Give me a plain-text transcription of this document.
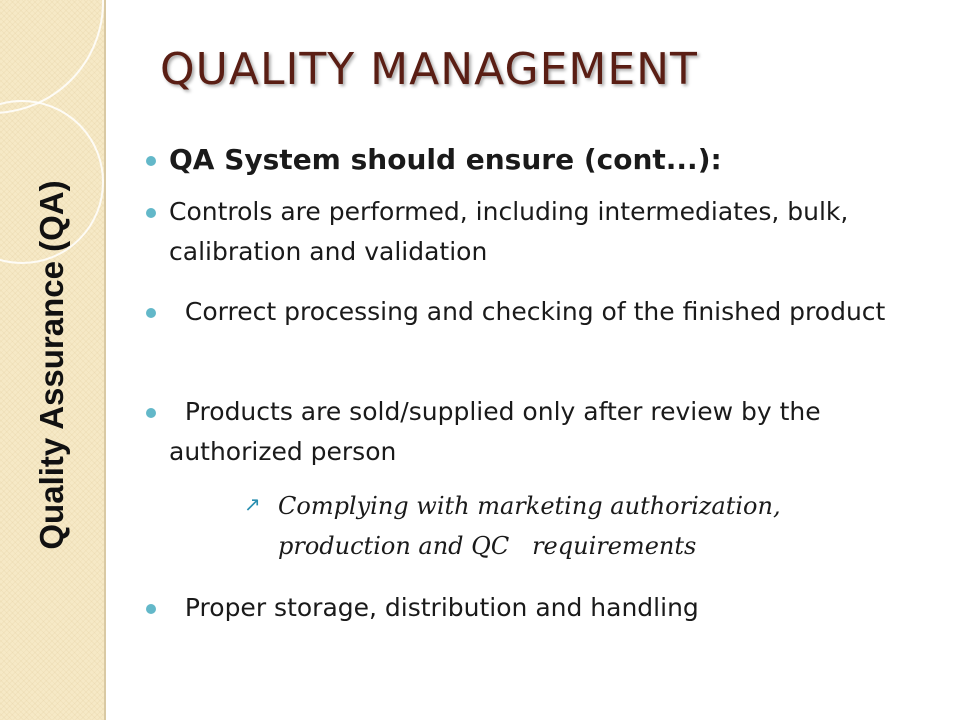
Quality Assurance (QA)
QUALITY MANAGEMENT
QA System should ensure (cont...):
Controls are performed, including intermediates, bulk, calibration and validation
Correct processing and checking of the finished product
Products are sold/supplied only after review by the authorized person
↗ Complying with marketing authorization, production and QC   requirements
Proper storage, distribution and handling
